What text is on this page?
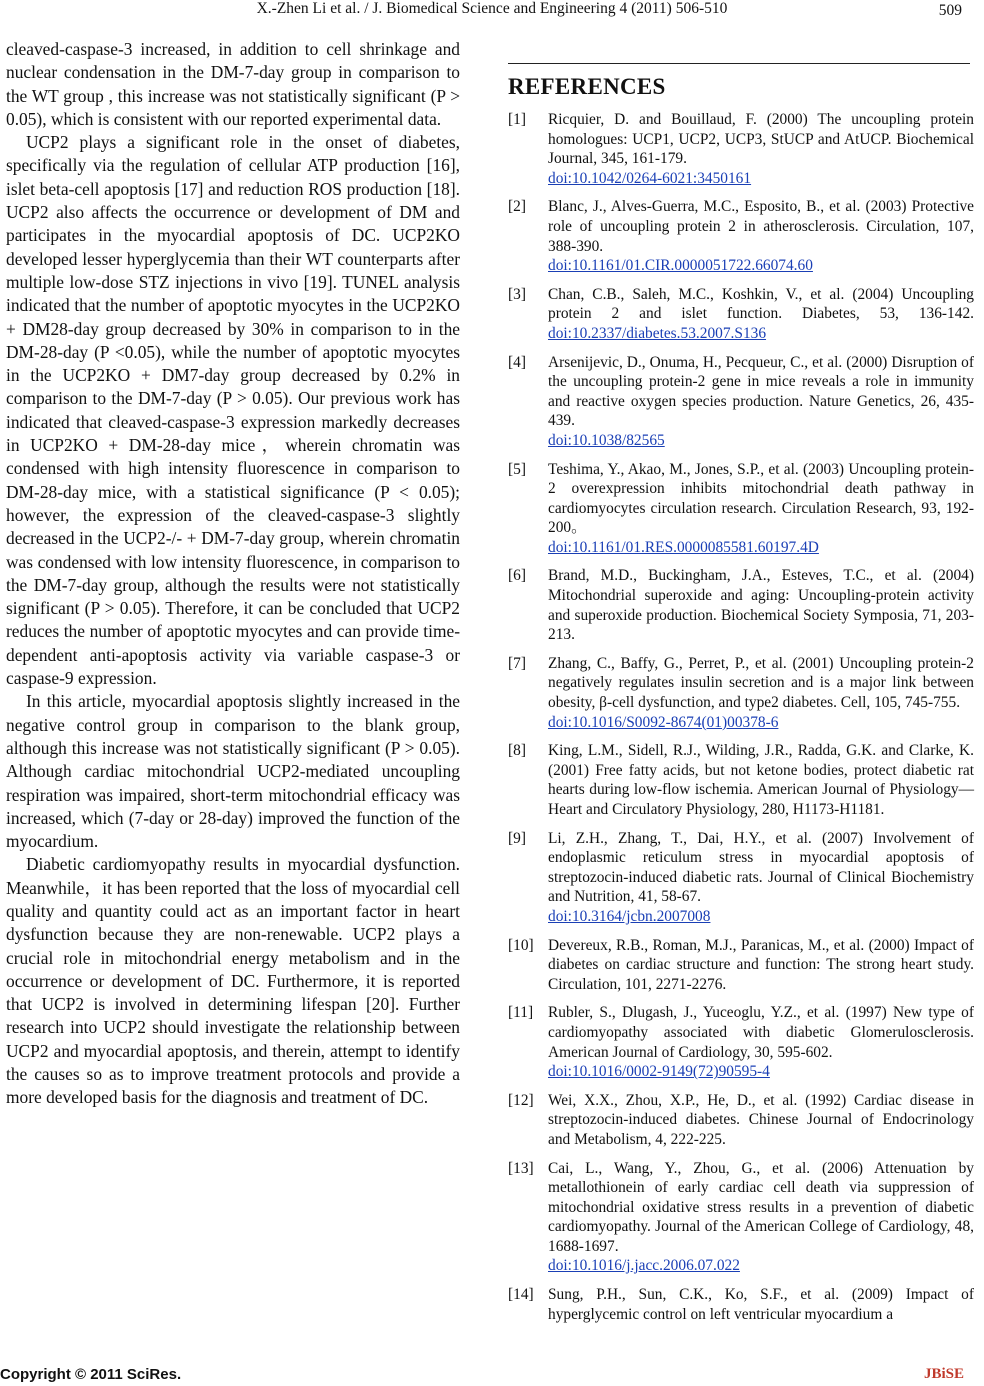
X.-Zhen Li et al. / J. Biomedical Science and Engineering 4 (2011) 506-510	509

cleaved-caspase-3 increased, in addition to cell shrinkage and nuclear condensation in the DM-7-day group in comparison to the WT group , this increase was not statistically significant (P > 0.05), which is consistent with our reported experimental data.

UCP2 plays a significant role in the onset of diabetes, specifically via the regulation of cellular ATP production [16], islet beta-cell apoptosis [17] and reduction ROS production [18]. UCP2 also affects the occurrence or development of DM and participates in the myocardial apoptosis of DC. UCP2KO developed lesser hyperglycemia than their WT counterparts after multiple low-dose STZ injections in vivo [19]. TUNEL analysis indicated that the number of apoptotic myocytes in the UCP2KO + DM28-day group decreased by 30% in comparison to in the DM-28-day (P <0.05), while the number of apoptotic myocytes in the UCP2KO + DM7-day group decreased by 0.2% in comparison to the DM-7-day (P > 0.05). Our previous work has indicated that cleaved-caspase-3 expression markedly decreases in UCP2KO + DM-28-day mice，wherein chromatin was condensed with high intensity fluorescence in comparison to DM-28-day mice, with a statistical significance (P < 0.05); however, the expression of the cleaved-caspase-3 slightly decreased in the UCP2-/- + DM-7-day group, wherein chromatin was condensed with low intensity fluorescence, in comparison to the DM-7-day group, although the results were not statistically significant (P > 0.05). Therefore, it can be concluded that UCP2 reduces the number of apoptotic myocytes and can provide time-dependent anti-apoptosis activity via variable caspase-3 or caspase-9 expression.

In this article, myocardial apoptosis slightly increased in the negative control group in comparison to the blank group, although this increase was not statistically significant (P > 0.05). Although cardiac mitochondrial UCP2-mediated uncoupling respiration was impaired, short-term mitochondrial efficacy was increased, which (7-day or 28-day) improved the function of the myocardium.

Diabetic cardiomyopathy results in myocardial dysfunction. Meanwhile，it has been reported that the loss of myocardial cell quality and quantity could act as an important factor in heart dysfunction because they are non-renewable. UCP2 plays a crucial role in mitochondrial energy metabolism and in the occurrence or development of DC. Furthermore, it is reported that UCP2 is involved in determining lifespan [20]. Further research into UCP2 should investigate the relationship between UCP2 and myocardial apoptosis, and therein, attempt to identify the causes so as to improve treatment protocols and provide a more developed basis for the diagnosis and treatment of DC.

REFERENCES
[1]	Ricquier, D. and Bouillaud, F. (2000) The uncoupling protein homologues: UCP1, UCP2, UCP3, StUCP and AtUCP. Biochemical Journal, 345, 161-179.
doi:10.1042/0264-6021:3450161
[2]	Blanc, J., Alves-Guerra, M.C., Esposito, B., et al. (2003) Protective role of uncoupling protein 2 in atherosclerosis. Circulation, 107, 388-390.
doi:10.1161/01.CIR.0000051722.66074.60
[3]	Chan, C.B., Saleh, M.C., Koshkin, V., et al. (2004) Uncoupling protein 2 and islet function. Diabetes, 53, 136-142. doi:10.2337/diabetes.53.2007.S136
[4]	Arsenijevic, D., Onuma, H., Pecqueur, C., et al. (2000) Disruption of the uncoupling protein-2 gene in mice reveals a role in immunity and reactive oxygen species production. Nature Genetics, 26, 435-439.
doi:10.1038/82565
[5]	Teshima, Y., Akao, M., Jones, S.P., et al. (2003) Uncoupling protein-2 overexpression inhibits mitochondrial death pathway in cardiomyocytes circulation research. Circulation Research, 93, 192-200。
doi:10.1161/01.RES.0000085581.60197.4D
[6]	Brand, M.D., Buckingham, J.A., Esteves, T.C., et al. (2004) Mitochondrial superoxide and aging: Uncoupling-protein activity and superoxide production. Biochemical Society Symposia, 71, 203-213.
[7]	Zhang, C., Baffy, G., Perret, P., et al. (2001) Uncoupling protein-2 negatively regulates insulin secretion and is a major link between obesity, β-cell dysfunction, and type2 diabetes. Cell, 105, 745-755.
doi:10.1016/S0092-8674(01)00378-6
[8]	King, L.M., Sidell, R.J., Wilding, J.R., Radda, G.K. and Clarke, K. (2001) Free fatty acids, but not ketone bodies, protect diabetic rat hearts during low-flow ischemia. American Journal of Physiology—Heart and Circulatory Physiology, 280, H1173-H1181.
[9]	Li, Z.H., Zhang, T., Dai, H.Y., et al. (2007) Involvement of endoplasmic reticulum stress in myocardial apoptosis of streptozocin-induced diabetic rats. Journal of Clinical Biochemistry and Nutrition, 41, 58-67.
doi:10.3164/jcbn.2007008
[10] Devereux, R.B., Roman, M.J., Paranicas, M., et al. (2000) Impact of diabetes on cardiac structure and function: The strong heart study. Circulation, 101, 2271-2276.
[11] Rubler, S., Dlugash, J., Yuceoglu, Y.Z., et al. (1997) New type of cardiomyopathy associated with diabetic Glomerulosclerosis. American Journal of Cardiology, 30, 595-602.
doi:10.1016/0002-9149(72)90595-4
[12] Wei, X.X., Zhou, X.P., He, D., et al. (1992) Cardiac disease in streptozocin-induced diabetes. Chinese Journal of Endocrinology and Metabolism, 4, 222-225.
[13] Cai, L., Wang, Y., Zhou, G., et al. (2006) Attenuation by metallothionein of early cardiac cell death via suppression of mitochondrial oxidative stress results in a prevention of diabetic cardiomyopathy. Journal of the American College of Cardiology, 48, 1688-1697.
doi:10.1016/j.jacc.2006.07.022
[14] Sung, P.H., Sun, C.K., Ko, S.F., et al. (2009) Impact of hyperglycemic control on left ventricular myocardium a
Copyright © 2011 SciRes.	JBiSE
